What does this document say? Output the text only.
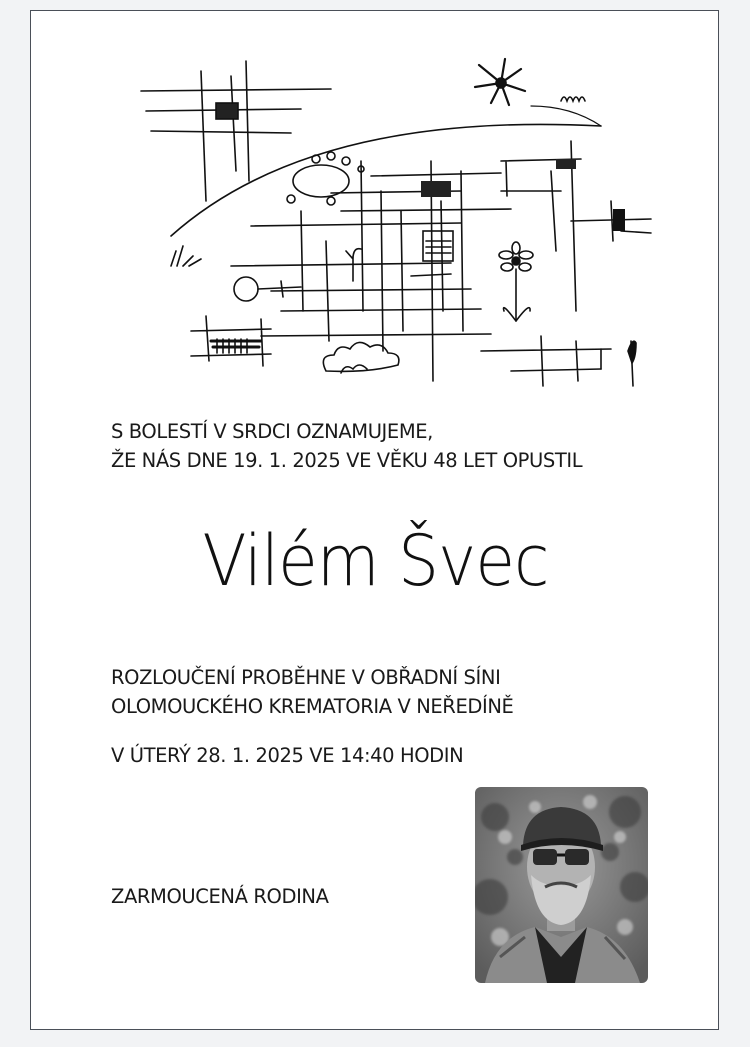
S BOLESTÍ V SRDCI OZNAMUJEME,
ŽE NÁS DNE 19. 1. 2025 VE VĚKU 48 LET OPUSTIL
Vilém Švec
ROZLOUČENÍ PROBĚHNE V OBŘADNÍ SÍNI
OLOMOUCKÉHO KREMATORIA V NEŘEDÍNĚ
V ÚTERÝ 28. 1. 2025 VE 14:40 HODIN
ZARMOUCENÁ RODINA
